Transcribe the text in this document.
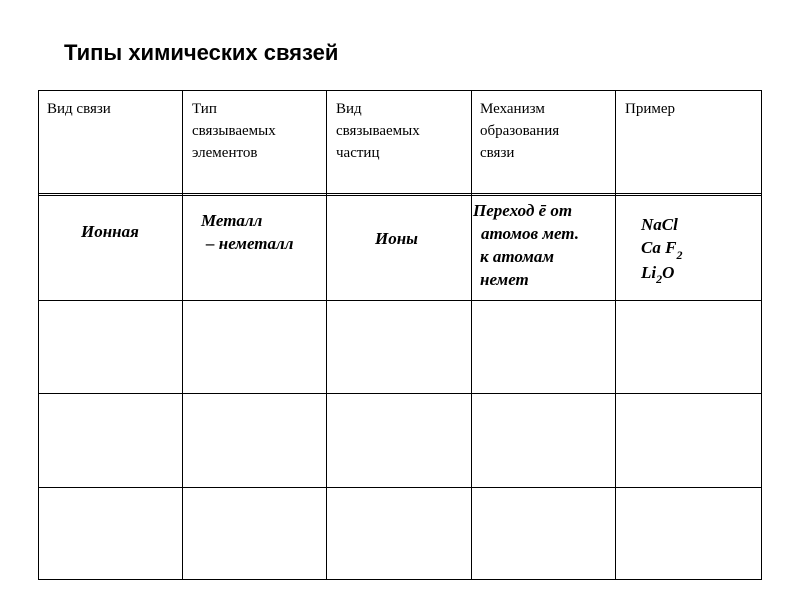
Типы химических связей
Вид связи	Тип
связываемых
элементов
Вид
связываемых
частиц
Механизм
образования
связи
Пример
Ионная
Металл
– неметалл	Ионы
Переход ē от
атомов мет.
к атомам
немет
NaCl
Ca $F_2$
$Li_2O$
